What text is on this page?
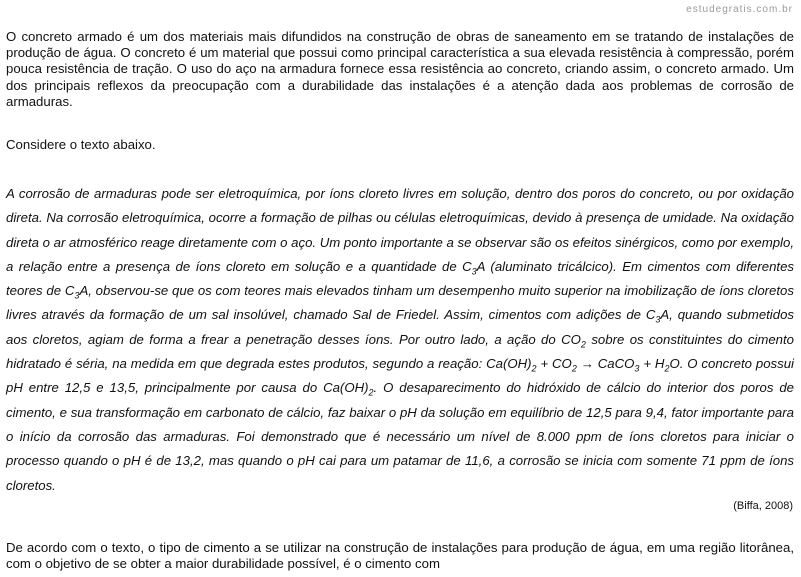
estudegratis.com.br

O concreto armado é um dos materiais mais difundidos na construção de obras de saneamento em se tratando de instalações de produção de água. O concreto é um material que possui como principal característica a sua elevada resistência à compressão, porém pouca resistência de tração. O uso do aço na armadura fornece essa resistência ao concreto, criando assim, o concreto armado. Um dos principais reflexos da preocupação com a durabilidade das instalações é a atenção dada aos problemas de corrosão de armaduras.

Considere o texto abaixo.

A corrosão de armaduras pode ser eletroquímica, por íons cloreto livres em solução, dentro dos poros do concreto, ou por oxidação direta. Na corrosão eletroquímica, ocorre a formação de pilhas ou células eletroquímicas, devido à presença de umidade. Na oxidação direta o ar atmosférico reage diretamente com o aço. Um ponto importante a se observar são os efeitos sinérgicos, como por exemplo, a relação entre a presença de íons cloreto em solução e a quantidade de $C_3A$ (aluminato tricálcico). Em cimentos com diferentes teores de $C_3A$, observou-se que os com teores mais elevados tinham um desempenho muito superior na imobilização de íons cloretos livres através da formação de um sal insolúvel, chamado Sal de Friedel. Assim, cimentos com adições de $C_3A$, quando submetidos aos cloretos, agiam de forma a frear a penetração desses íons. Por outro lado, a ação do $CO_2$ sobre os constituintes do cimento hidratado é séria, na medida em que degrada estes produtos, segundo a reação: $Ca(OH)_2 + CO_2$ → CaCO$_3$ + $H_2O$. O concreto possui pH entre 12,5 e 13,5, principalmente por causa do $Ca(OH)_2$. O desaparecimento do hidróxido de cálcio do interior dos poros de cimento, e sua transformação em carbonato de cálcio, faz baixar o pH da solução em equilíbrio de 12,5 para 9,4, fator importante para o início da corrosão das armaduras. Foi demonstrado que é necessário um nível de 8.000 ppm de íons cloretos para iniciar o processo quando o pH é de 13,2, mas quando o pH cai para um patamar de 11,6, a corrosão se inicia com somente 71 ppm de íons cloretos.

(Biffa, 2008)

De acordo com o texto, o tipo de cimento a se utilizar na construção de instalações para produção de água, em uma região litorânea, com o objetivo de se obter a maior durabilidade possível, é o cimento com
